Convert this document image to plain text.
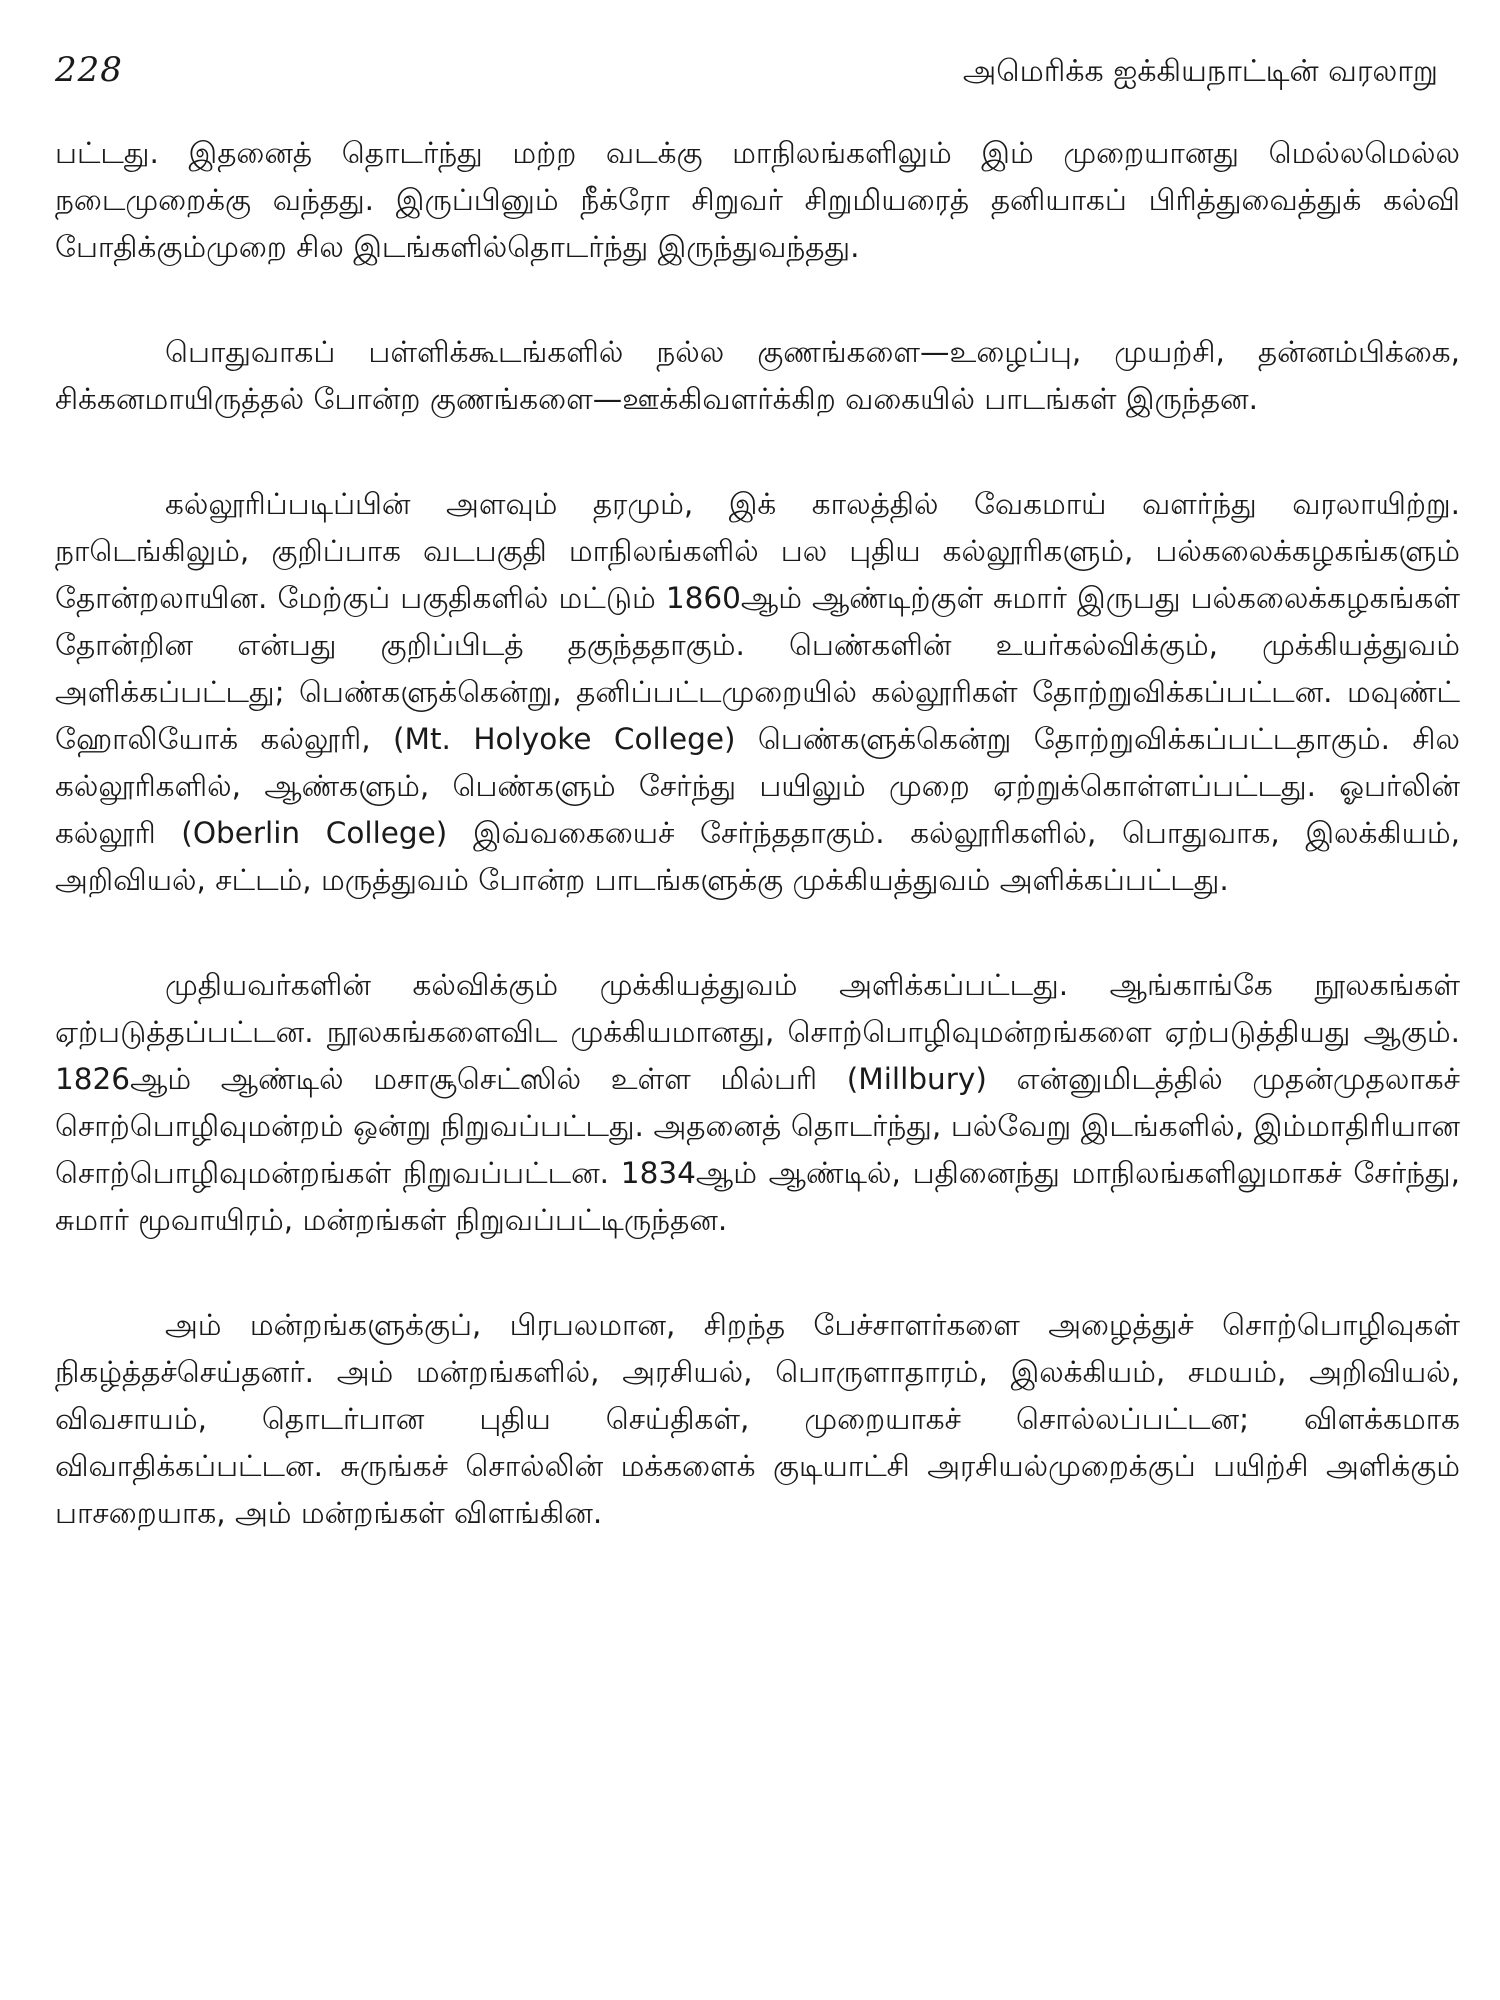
228	அமெரிக்க ஐக்கியநாட்டின் வரலாறு

பட்டது. இதனைத் தொடர்ந்து மற்ற வடக்கு மாநிலங்களிலும் இம் முறையானது மெல்லமெல்ல நடைமுறைக்கு வந்தது. இருப்பினும் நீக்ரோ சிறுவர் சிறுமியரைத் தனியாகப் பிரித்துவைத்துக் கல்வி போதிக்கும்முறை சில இடங்களில்தொடர்ந்து இருந்துவந்தது.

பொதுவாகப் பள்ளிக்கூடங்களில் நல்ல குணங்களை—உழைப்பு, முயற்சி, தன்னம்பிக்கை, சிக்கனமாயிருத்தல் போன்ற குணங்களை—ஊக்கிவளர்க்கிற வகையில் பாடங்கள் இருந்தன.

கல்லூரிப்படிப்பின் அளவும் தரமும், இக் காலத்தில் வேகமாய் வளர்ந்து வரலாயிற்று. நாடெங்கிலும், குறிப்பாக வடபகுதி மாநிலங்களில் பல புதிய கல்லூரிகளும், பல்கலைக்கழகங்களும் தோன்றலாயின. மேற்குப் பகுதிகளில் மட்டும் 1860ஆம் ஆண்டிற்குள் சுமார் இருபது பல்கலைக்கழகங்கள் தோன்றின என்பது குறிப்பிடத் தகுந்ததாகும். பெண்களின் உயர்கல்விக்கும், முக்கியத்துவம் அளிக்கப்பட்டது; பெண்களுக்கென்று, தனிப்பட்டமுறையில் கல்லூரிகள் தோற்றுவிக்கப்பட்டன. மவுண்ட் ஹோலியோக் கல்லூரி, (Mt. Holyoke College) பெண்களுக்கென்று தோற்றுவிக்கப்பட்டதாகும். சில கல்லூரிகளில், ஆண்களும், பெண்களும் சேர்ந்து பயிலும் முறை ஏற்றுக்கொள்ளப்பட்டது. ஓபர்லின் கல்லூரி (Oberlin College) இவ்வகையைச் சேர்ந்ததாகும். கல்லூரிகளில், பொதுவாக, இலக்கியம், அறிவியல், சட்டம், மருத்துவம் போன்ற பாடங்களுக்கு முக்கியத்துவம் அளிக்கப்பட்டது.

முதியவர்களின் கல்விக்கும் முக்கியத்துவம் அளிக்கப்பட்டது. ஆங்காங்கே நூலகங்கள் ஏற்படுத்தப்பட்டன. நூலகங்களைவிட முக்கியமானது, சொற்பொழிவுமன்றங்களை ஏற்படுத்தியது ஆகும். 1826ஆம் ஆண்டில் மசாசூசெட்ஸில் உள்ள மில்பரி (Millbury) என்னுமிடத்தில் முதன்முதலாகச் சொற்பொழிவுமன்றம் ஒன்று நிறுவப்பட்டது. அதனைத் தொடர்ந்து, பல்வேறு இடங்களில், இம்மாதிரியான சொற்பொழிவுமன்றங்கள் நிறுவப்பட்டன. 1834ஆம் ஆண்டில், பதினைந்து மாநிலங்களிலுமாகச் சேர்ந்து, சுமார் மூவாயிரம், மன்றங்கள் நிறுவப்பட்டிருந்தன.

அம் மன்றங்களுக்குப், பிரபலமான, சிறந்த பேச்சாளர்களை அழைத்துச் சொற்பொழிவுகள் நிகழ்த்தச்செய்தனர். அம் மன்றங்களில், அரசியல், பொருளாதாரம், இலக்கியம், சமயம், அறிவியல், விவசாயம், தொடர்பான புதிய செய்திகள், முறையாகச் சொல்லப்பட்டன; விளக்கமாக விவாதிக்கப்பட்டன. சுருங்கச் சொல்லின் மக்களைக் குடியாட்சி அரசியல்முறைக்குப் பயிற்சி அளிக்கும் பாசறையாக, அம் மன்றங்கள் விளங்கின.
